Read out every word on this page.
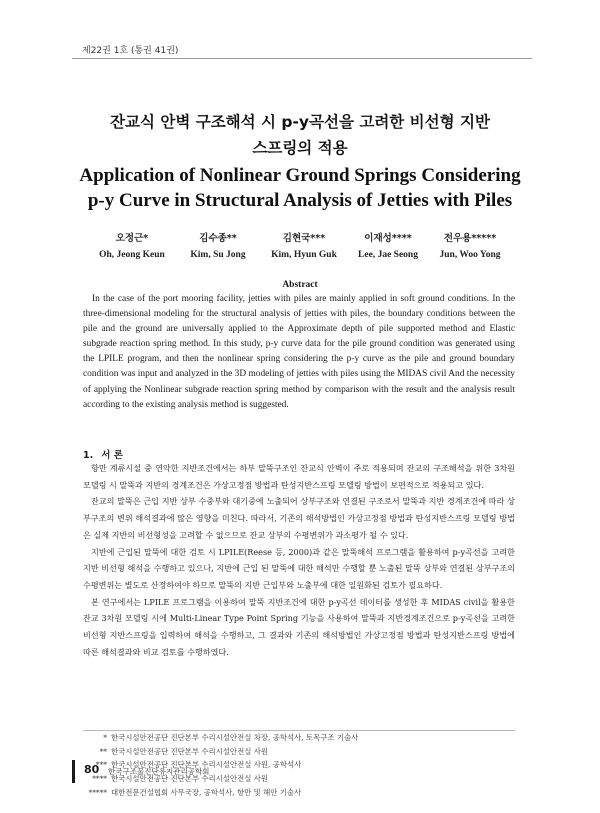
제22권 1호 (통권 41권)
잔교식 안벽 구조해석 시 p-y곡선을 고려한 비선형 지반
스프링의 적용
Application of Nonlinear Ground Springs Considering
p-y Curve in Structural Analysis of Jetties with Piles
오정근*
Oh, Jeong Keun
김수종**
Kim, Su Jong
김현국***
Kim, Hyun Guk
이재성****
Lee, Jae Seong
전우용*****
Jun, Woo Yong
Abstract
In the case of the port mooring facility, jetties with piles are mainly applied in soft ground conditions. In the three-dimensional modeling for the structural analysis of jetties with piles, the boundary conditions between the pile and the ground are universally applied to the Approximate depth of pile supported method and Elastic subgrade reaction spring method. In this study, p-y curve data for the pile ground condition was generated using the LPILE program, and then the nonlinear spring considering the p-y curve as the pile and ground boundary condition was input and analyzed in the 3D modeling of jetties with piles using the MIDAS civil And the necessity of applying the Nonlinear subgrade reaction spring method by comparison with the result and the analysis result according to the existing analysis method is suggested.
1. 서 론

항만 계류시설 중 연약한 지반조건에서는 하부 말뚝구조인 잔교식 안벽이 주로 적용되며 잔교의 구조해석을 위한 3차원 모델링 시 말뚝과 지반의 경계조건은 가상고정점 방법과 탄성지반스프링 모델링 방법이 보편적으로 적용되고 있다.

잔교의 말뚝은 근입 지반 상부 수중부와 대기중에 노출되어 상부구조와 연결된 구조로서 말뚝과 지반 경계조건에 따라 상부구조의 변위 해석결과에 많은 영향을 미친다. 따라서, 기존의 해석방법인 가상고정점 방법과 탄성지반스프링 모델링 방법은 실제 지반의 비선형성을 고려할 수 없으므로 잔교 상부의 수평변위가 과소평가 될 수 있다.

지반에 근입된 말뚝에 대한 검토 시 LPILE(Reese 등, 2000)과 같은 말뚝해석 프로그램을 활용하여 p-y곡선을 고려한 지반 비선형 해석을 수행하고 있으나, 지반에 근입 된 말뚝에 대한 해석만 수행할 뿐 노출된 말뚝 상부와 연결된 상부구조의 수평변위는 별도로 산정하여야 하므로 말뚝의 지반 근입부와 노출부에 대한 일원화된 검토가 필요하다.

본 연구에서는 LPILE 프로그램을 이용하여 말뚝 지반조건에 대한 p-y곡선 데이터를 생성한 후 MIDAS civil을 활용한 잔교 3차원 모델링 시에 Multi-Linear Type Point Spring 기능을 사용하여 말뚝과 지반경계조건으로 p-y곡선을 고려한 비선형 지반스프링을 입력하여 해석을 수행하고, 그 결과와 기존의 해석방법인 가상고정점 방법과 탄성지반스프링 방법에 따른 해석결과와 비교 검토를 수행하였다.

* 한국시설안전공단 진단본부 수리시설안전실 차장, 공학석사, 토목구조 기술사
** 한국시설안전공단 진단본부 수리시설안전실 사원
*** 한국시설안전공단 진단본부 수리시설안전실 사원, 공학석사
**** 한국시설안전공단 진단본부 수리시설안전실 사원
***** 대한전문건설협회 사무국장, 공학석사, 항만 및 해안 기술사
80 한국구조물진단유지관리공학회
